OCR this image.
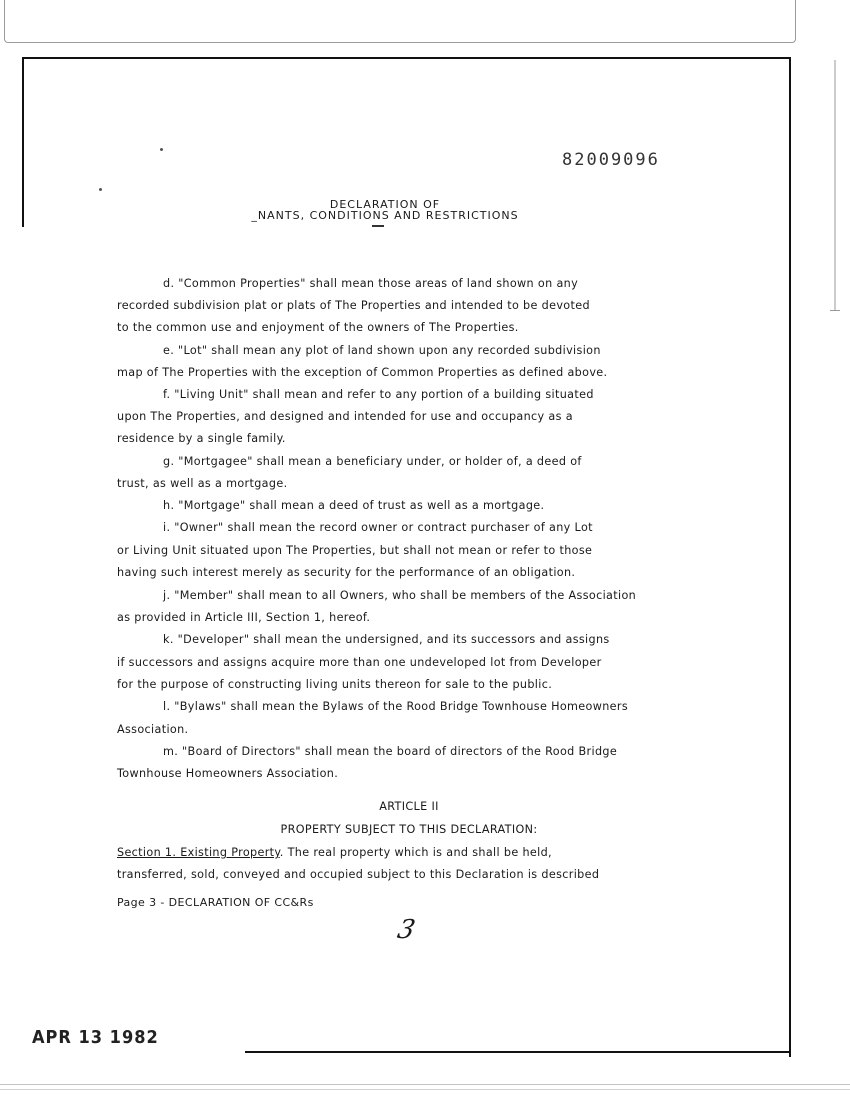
82009096
DECLARATION OF
_NANTS, CONDITIONS AND RESTRICTIONS
d. "Common Properties" shall mean those areas of land shown on any
recorded subdivision plat or plats of The Properties and intended to be devoted
to the common use and enjoyment of the owners of The Properties.
e. "Lot" shall mean any plot of land shown upon any recorded subdivision
map of The Properties with the exception of Common Properties as defined above.
f. "Living Unit" shall mean and refer to any portion of a building situated
upon The Properties, and designed and intended for use and occupancy as a
residence by a single family.
g. "Mortgagee" shall mean a beneficiary under, or holder of, a deed of
trust, as well as a mortgage.
h. "Mortgage" shall mean a deed of trust as well as a mortgage.
i. "Owner" shall mean the record owner or contract purchaser of any Lot
or Living Unit situated upon The Properties, but shall not mean or refer to those
having such interest merely as security for the performance of an obligation.
j. "Member" shall mean to all Owners, who shall be members of the Association
as provided in Article III, Section 1, hereof.
k. "Developer" shall mean the undersigned, and its successors and assigns
if successors and assigns acquire more than one undeveloped lot from Developer
for the purpose of constructing living units thereon for sale to the public.
l. "Bylaws" shall mean the Bylaws of the Rood Bridge Townhouse Homeowners
Association.
m. "Board of Directors" shall mean the board of directors of the Rood Bridge
Townhouse Homeowners Association.
ARTICLE II
PROPERTY SUBJECT TO THIS DECLARATION:
Section 1. Existing Property. The real property which is and shall be held,
transferred, sold, conveyed and occupied subject to this Declaration is described
Page 3 - DECLARATION OF CC&Rs
3
APR 13 1982
